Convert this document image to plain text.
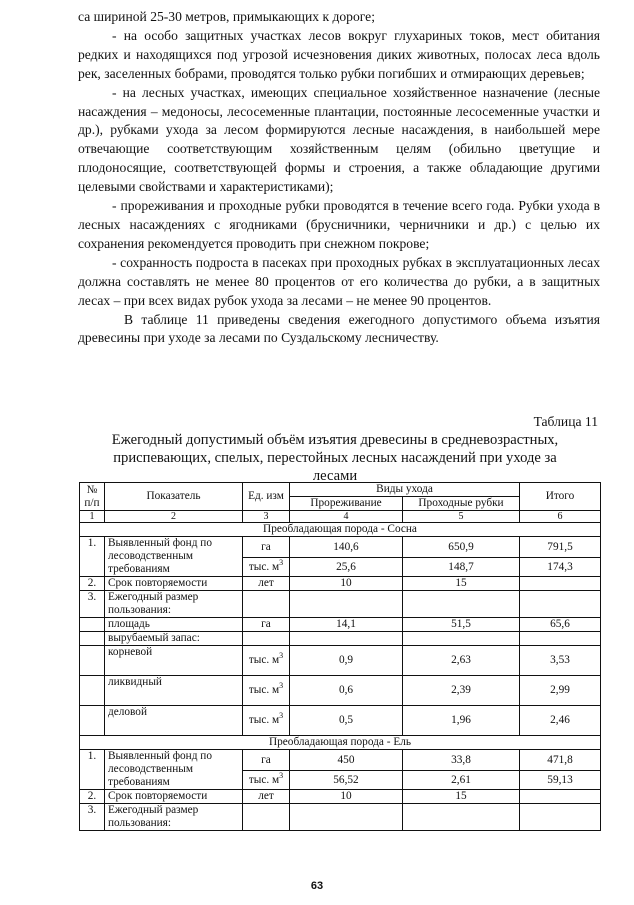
са шириной 25-30 метров, примыкающих к дороге;

- на особо защитных участках лесов вокруг глухариных токов, мест обитания редких и находящихся под угрозой исчезновения диких животных, полосах леса вдоль рек, заселенных бобрами, проводятся только рубки погибших и отмирающих деревьев;

- на лесных участках, имеющих специальное хозяйственное назначение (лесные насаждения – медоносы, лесосеменные плантации, постоянные лесосеменные участки и др.), рубками ухода за лесом формируются лесные насаждения, в наибольшей мере отвечающие соответствующим хозяйственным целям (обильно цветущие и плодоносящие, соответствующей формы и строения, а также обладающие другими целевыми свойствами и характеристиками);

- прореживания и проходные рубки проводятся в течение всего года. Рубки ухода в лесных насаждениях с ягодниками (брусничники, черничники и др.) с целью их сохранения рекомендуется проводить при снежном покрове;

- сохранность подроста в пасеках при проходных рубках в эксплуатационных лесах должна составлять не менее 80 процентов от его количества до рубки, а в защитных лесах – при всех видах рубок ухода за лесами – не менее 90 процентов.

В таблице 11 приведены сведения ежегодного допустимого объема изъятия древесины при уходе за лесами по Суздальскому лесничеству.

Таблица 11
Ежегодный допустимый объём изъятия древесины в средневозрастных, приспевающих, спелых, перестойных лесных насаждений при уходе за лесами
№ п/п	Показатель	Ед. изм	Виды ухода		Итого
			Прореживание	Проходные рубки	
1	2	3	4	5	6
Преобладающая порода - Сосна					
1.	Выявленный фонд по лесоводственным требованиям	га	140,6	650,9	791,5
		тыс. $м^3$	25,6	148,7	174,3
2.	Срок повторяемости	лет	10	15	
3.	Ежегодный размер пользования:				
	площадь	га	14,1	51,5	65,6
	вырубаемый запас:				
	корневой	тыс. $м^3$	0,9	2,63	3,53
	ликвидный	тыс. $м^3$	0,6	2,39	2,99
	деловой	тыс. $м^3$	0,5	1,96	2,46
Преобладающая порода - Ель					
1.	Выявленный фонд по лесоводственным требованиям	га	450	33,8	471,8
		тыс. $м^3$	56,52	2,61	59,13
2.	Срок повторяемости	лет	10	15	
3.	Ежегодный размер пользования:				
63
